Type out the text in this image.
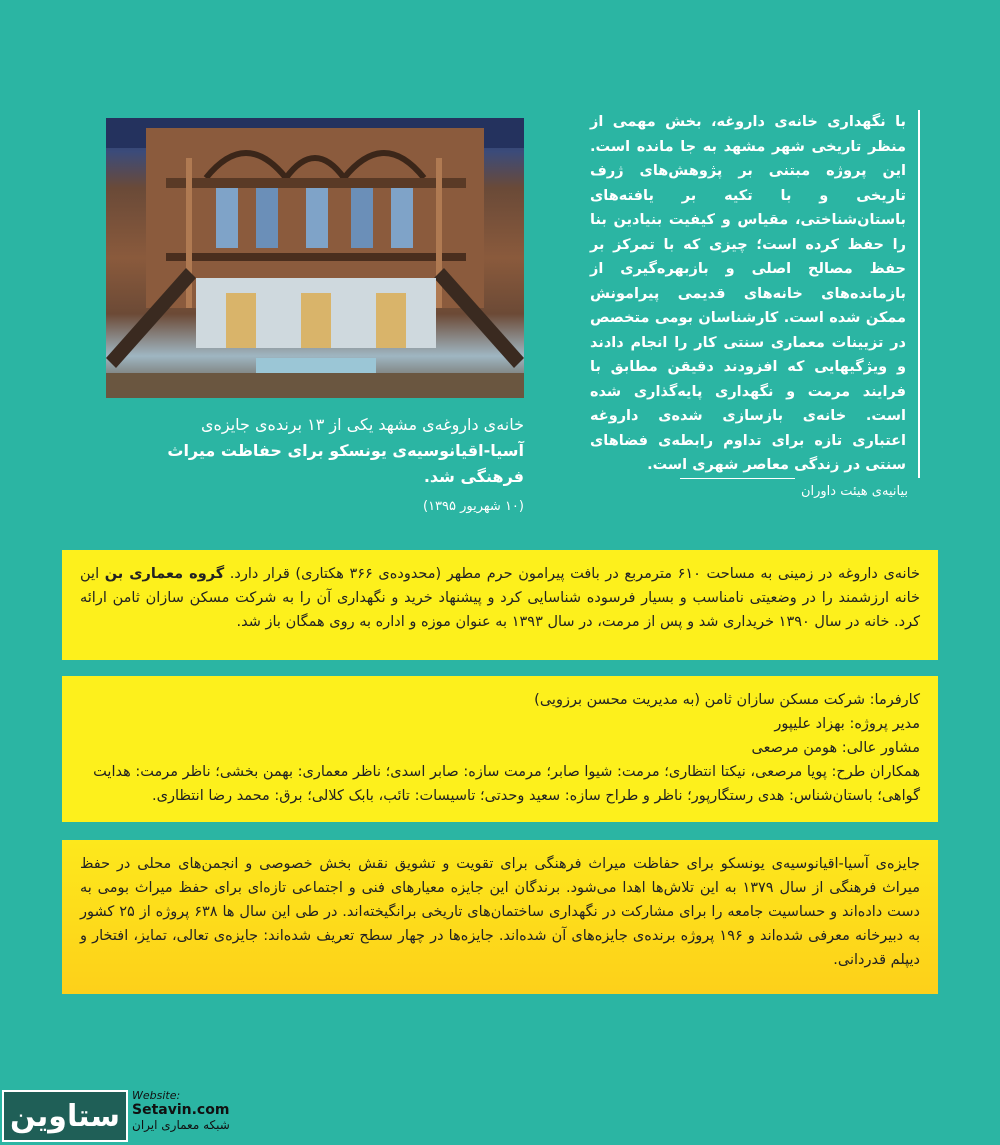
خانه‌ی داروغه‌ی مشهد یکی از ۱۳ برنده‌ی جایزه‌ی
آسیا-اقیانوسیه‌ی یونسکو برای حفاظت میراث فرهنگی شد.
(۱۰ شهریور ۱۳۹۵)
با نگهداری خانه‌ی داروغه، بخش مهمی از منظر تاریخی شهر مشهد به جا مانده است. این پروژه مبتنی بر پژوهش‌های ژرف تاریخی و با تکیه بر یافته‌های باستان‌شناختی، مقیاس و کیفیت بنیادین بنا را حفظ کرده است؛ چیزی که با تمرکز بر حفظ مصالح اصلی و بازبهره‌گیری از بازمانده‌های خانه‌های قدیمی پیرامونش ممکن شده است. کارشناسان بومی متخصص در تزیینات معماری سنتی کار را انجام دادند و ویژگیهایی که افزودند دقیقن مطابق با فرایند مرمت و نگهداری پایه‌گذاری شده است. خانه‌ی بازسازی شده‌ی داروغه اعتباری تازه برای تداوم رابطه‌ی فضاهای سنتی در زندگی معاصر شهری است.
بیانیه‌ی هیئت داوران
خانه‌ی داروغه در زمینی به مساحت ۶۱۰ مترمربع در بافت پیرامون حرم مطهر (محدوده‌ی ۳۶۶ هکتاری) قرار دارد. گروه معماری بن این خانه ارزشمند را در وضعیتی نامناسب و بسیار فرسوده شناسایی کرد و پیشنهاد خرید و نگهداری آن را به شرکت مسکن سازان ثامن ارائه کرد. خانه در سال ۱۳۹۰ خریداری شد و پس از مرمت، در سال ۱۳۹۳ به عنوان موزه و اداره به روی همگان باز شد.
کارفرما: شرکت مسکن سازان ثامن (به مدیریت محسن برزویی)
مدیر پروژه: بهزاد علیپور
مشاور عالی: هومن مرصعی
همکاران طرح: پویا مرصعی، نیکتا انتظاری؛ مرمت: شیوا صابر؛ مرمت سازه: صابر اسدی؛ ناظر معماری: بهمن بخشی؛ ناظر مرمت: هدایت گواهی؛ باستان‌شناس: هدی رستگارپور؛ ناظر و طراح سازه: سعید وحدتی؛ تاسیسات: تائب، بابک کلالی؛ برق: محمد رضا انتظاری.
جایزه‌ی آسیا-اقیانوسیه‌ی یونسکو برای حفاظت میراث فرهنگی برای تقویت و تشویق نقش بخش خصوصی و انجمن‌های محلی در حفظ میراث فرهنگی از سال ۱۳۷۹ به این تلاش‌ها اهدا می‌شود. برندگان این جایزه معیارهای فنی و اجتماعی تازه‌ای برای حفظ میراث بومی به دست داده‌اند و حساسیت جامعه را برای مشارکت در نگهداری ساختمان‌های تاریخی برانگیخته‌اند. در طی این سال ها ۶۳۸ پروژه از ۲۵ کشور به دبیرخانه معرفی شده‌اند و ۱۹۶ پروژه برنده‌ی جایزه‌های آن شده‌اند. جایزه‌ها در چهار سطح تعریف شده‌اند: جایزه‌ی تعالی، تمایز، افتخار و دیپلم قدردانی.
ستاوین
Website:
Setavin.com
شبکه معماری ایران
